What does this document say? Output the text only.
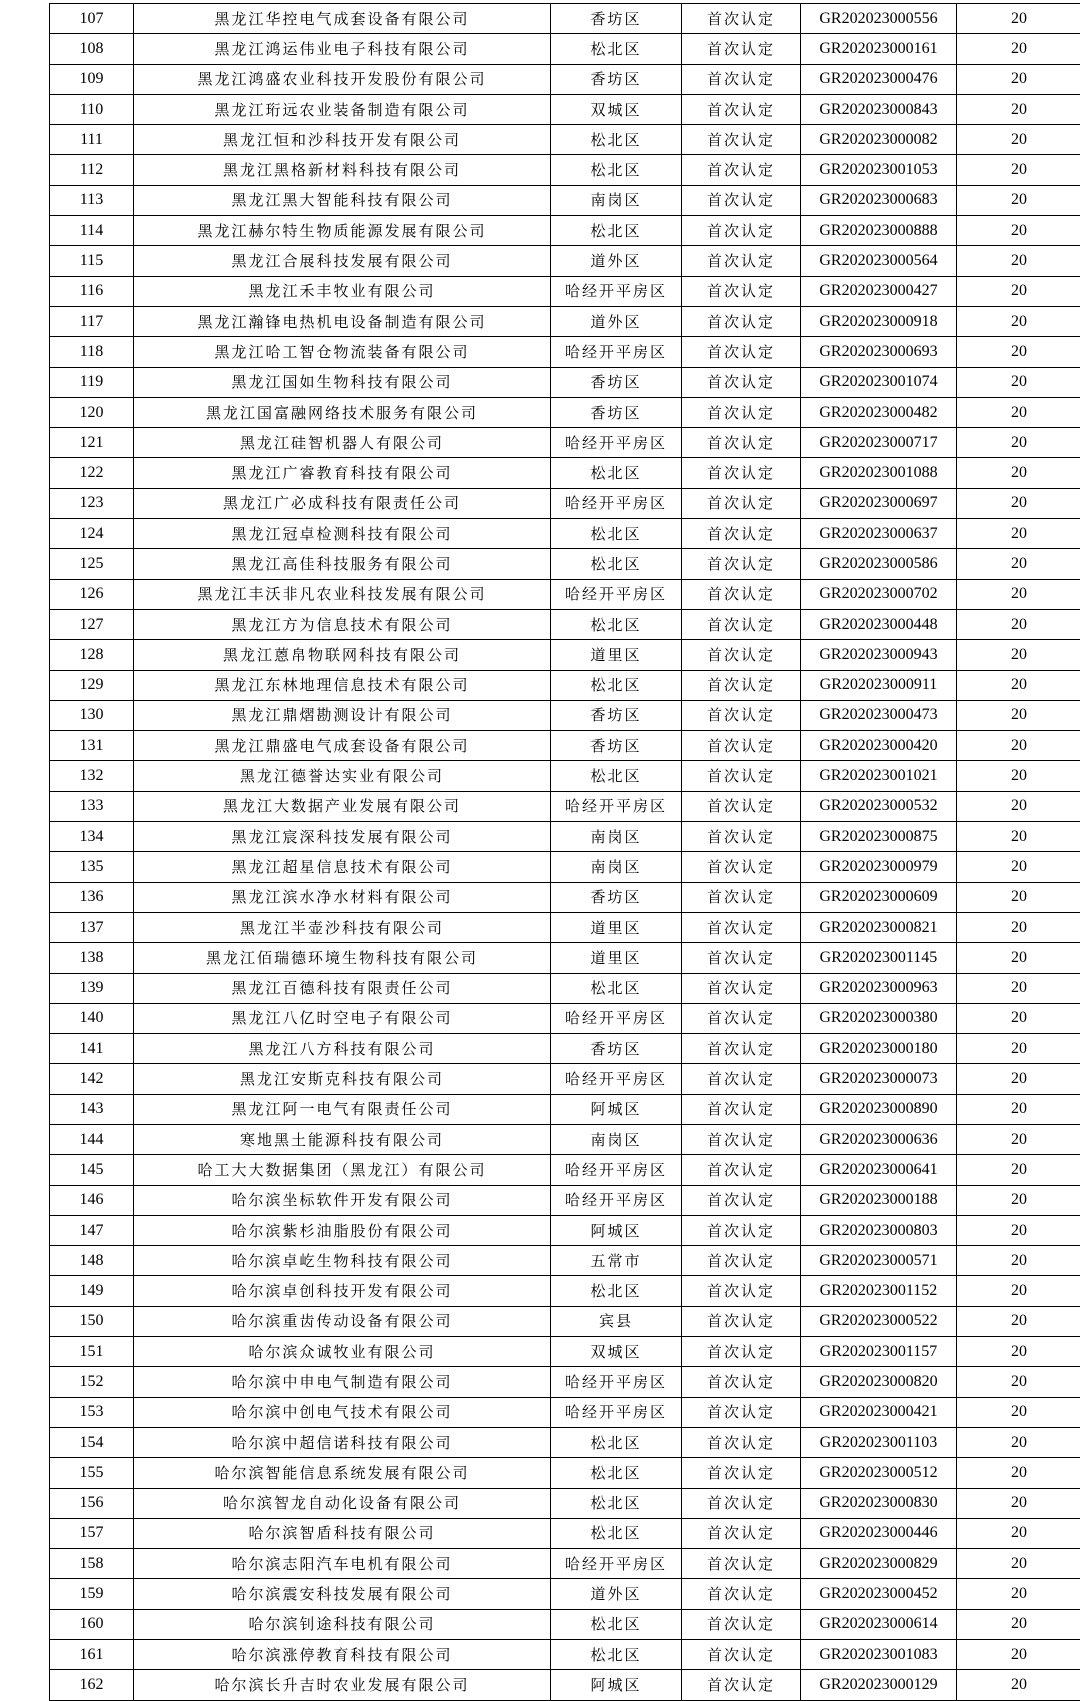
107	黑龙江华控电气成套设备有限公司	香坊区	首次认定	GR202023000556	20
108	黑龙江鸿运伟业电子科技有限公司	松北区	首次认定	GR202023000161	20
109	黑龙江鸿盛农业科技开发股份有限公司	香坊区	首次认定	GR202023000476	20
110	黑龙江珩远农业装备制造有限公司	双城区	首次认定	GR202023000843	20
111	黑龙江恒和沙科技开发有限公司	松北区	首次认定	GR202023000082	20
112	黑龙江黑格新材料科技有限公司	松北区	首次认定	GR202023001053	20
113	黑龙江黑大智能科技有限公司	南岗区	首次认定	GR202023000683	20
114	黑龙江赫尔特生物质能源发展有限公司	松北区	首次认定	GR202023000888	20
115	黑龙江合展科技发展有限公司	道外区	首次认定	GR202023000564	20
116	黑龙江禾丰牧业有限公司	哈经开平房区	首次认定	GR202023000427	20
117	黑龙江瀚锋电热机电设备制造有限公司	道外区	首次认定	GR202023000918	20
118	黑龙江哈工智仓物流装备有限公司	哈经开平房区	首次认定	GR202023000693	20
119	黑龙江国如生物科技有限公司	香坊区	首次认定	GR202023001074	20
120	黑龙江国富融网络技术服务有限公司	香坊区	首次认定	GR202023000482	20
121	黑龙江硅智机器人有限公司	哈经开平房区	首次认定	GR202023000717	20
122	黑龙江广睿教育科技有限公司	松北区	首次认定	GR202023001088	20
123	黑龙江广必成科技有限责任公司	哈经开平房区	首次认定	GR202023000697	20
124	黑龙江冠卓检测科技有限公司	松北区	首次认定	GR202023000637	20
125	黑龙江高佳科技服务有限公司	松北区	首次认定	GR202023000586	20
126	黑龙江丰沃非凡农业科技发展有限公司	哈经开平房区	首次认定	GR202023000702	20
127	黑龙江方为信息技术有限公司	松北区	首次认定	GR202023000448	20
128	黑龙江蒽帛物联网科技有限公司	道里区	首次认定	GR202023000943	20
129	黑龙江东林地理信息技术有限公司	松北区	首次认定	GR202023000911	20
130	黑龙江鼎熠勘测设计有限公司	香坊区	首次认定	GR202023000473	20
131	黑龙江鼎盛电气成套设备有限公司	香坊区	首次认定	GR202023000420	20
132	黑龙江德誉达实业有限公司	松北区	首次认定	GR202023001021	20
133	黑龙江大数据产业发展有限公司	哈经开平房区	首次认定	GR202023000532	20
134	黑龙江宸深科技发展有限公司	南岗区	首次认定	GR202023000875	20
135	黑龙江超星信息技术有限公司	南岗区	首次认定	GR202023000979	20
136	黑龙江滨水净水材料有限公司	香坊区	首次认定	GR202023000609	20
137	黑龙江半壶沙科技有限公司	道里区	首次认定	GR202023000821	20
138	黑龙江佰瑞德环境生物科技有限公司	道里区	首次认定	GR202023001145	20
139	黑龙江百德科技有限责任公司	松北区	首次认定	GR202023000963	20
140	黑龙江八亿时空电子有限公司	哈经开平房区	首次认定	GR202023000380	20
141	黑龙江八方科技有限公司	香坊区	首次认定	GR202023000180	20
142	黑龙江安斯克科技有限公司	哈经开平房区	首次认定	GR202023000073	20
143	黑龙江阿一电气有限责任公司	阿城区	首次认定	GR202023000890	20
144	寒地黑土能源科技有限公司	南岗区	首次认定	GR202023000636	20
145	哈工大大数据集团（黑龙江）有限公司	哈经开平房区	首次认定	GR202023000641	20
146	哈尔滨坐标软件开发有限公司	哈经开平房区	首次认定	GR202023000188	20
147	哈尔滨紫杉油脂股份有限公司	阿城区	首次认定	GR202023000803	20
148	哈尔滨卓屹生物科技有限公司	五常市	首次认定	GR202023000571	20
149	哈尔滨卓创科技开发有限公司	松北区	首次认定	GR202023001152	20
150	哈尔滨重齿传动设备有限公司	宾县	首次认定	GR202023000522	20
151	哈尔滨众诚牧业有限公司	双城区	首次认定	GR202023001157	20
152	哈尔滨中申电气制造有限公司	哈经开平房区	首次认定	GR202023000820	20
153	哈尔滨中创电气技术有限公司	哈经开平房区	首次认定	GR202023000421	20
154	哈尔滨中超信诺科技有限公司	松北区	首次认定	GR202023001103	20
155	哈尔滨智能信息系统发展有限公司	松北区	首次认定	GR202023000512	20
156	哈尔滨智龙自动化设备有限公司	松北区	首次认定	GR202023000830	20
157	哈尔滨智盾科技有限公司	松北区	首次认定	GR202023000446	20
158	哈尔滨志阳汽车电机有限公司	哈经开平房区	首次认定	GR202023000829	20
159	哈尔滨震安科技发展有限公司	道外区	首次认定	GR202023000452	20
160	哈尔滨钊途科技有限公司	松北区	首次认定	GR202023000614	20
161	哈尔滨涨停教育科技有限公司	松北区	首次认定	GR202023001083	20
162	哈尔滨长升吉时农业发展有限公司	阿城区	首次认定	GR202023000129	20
